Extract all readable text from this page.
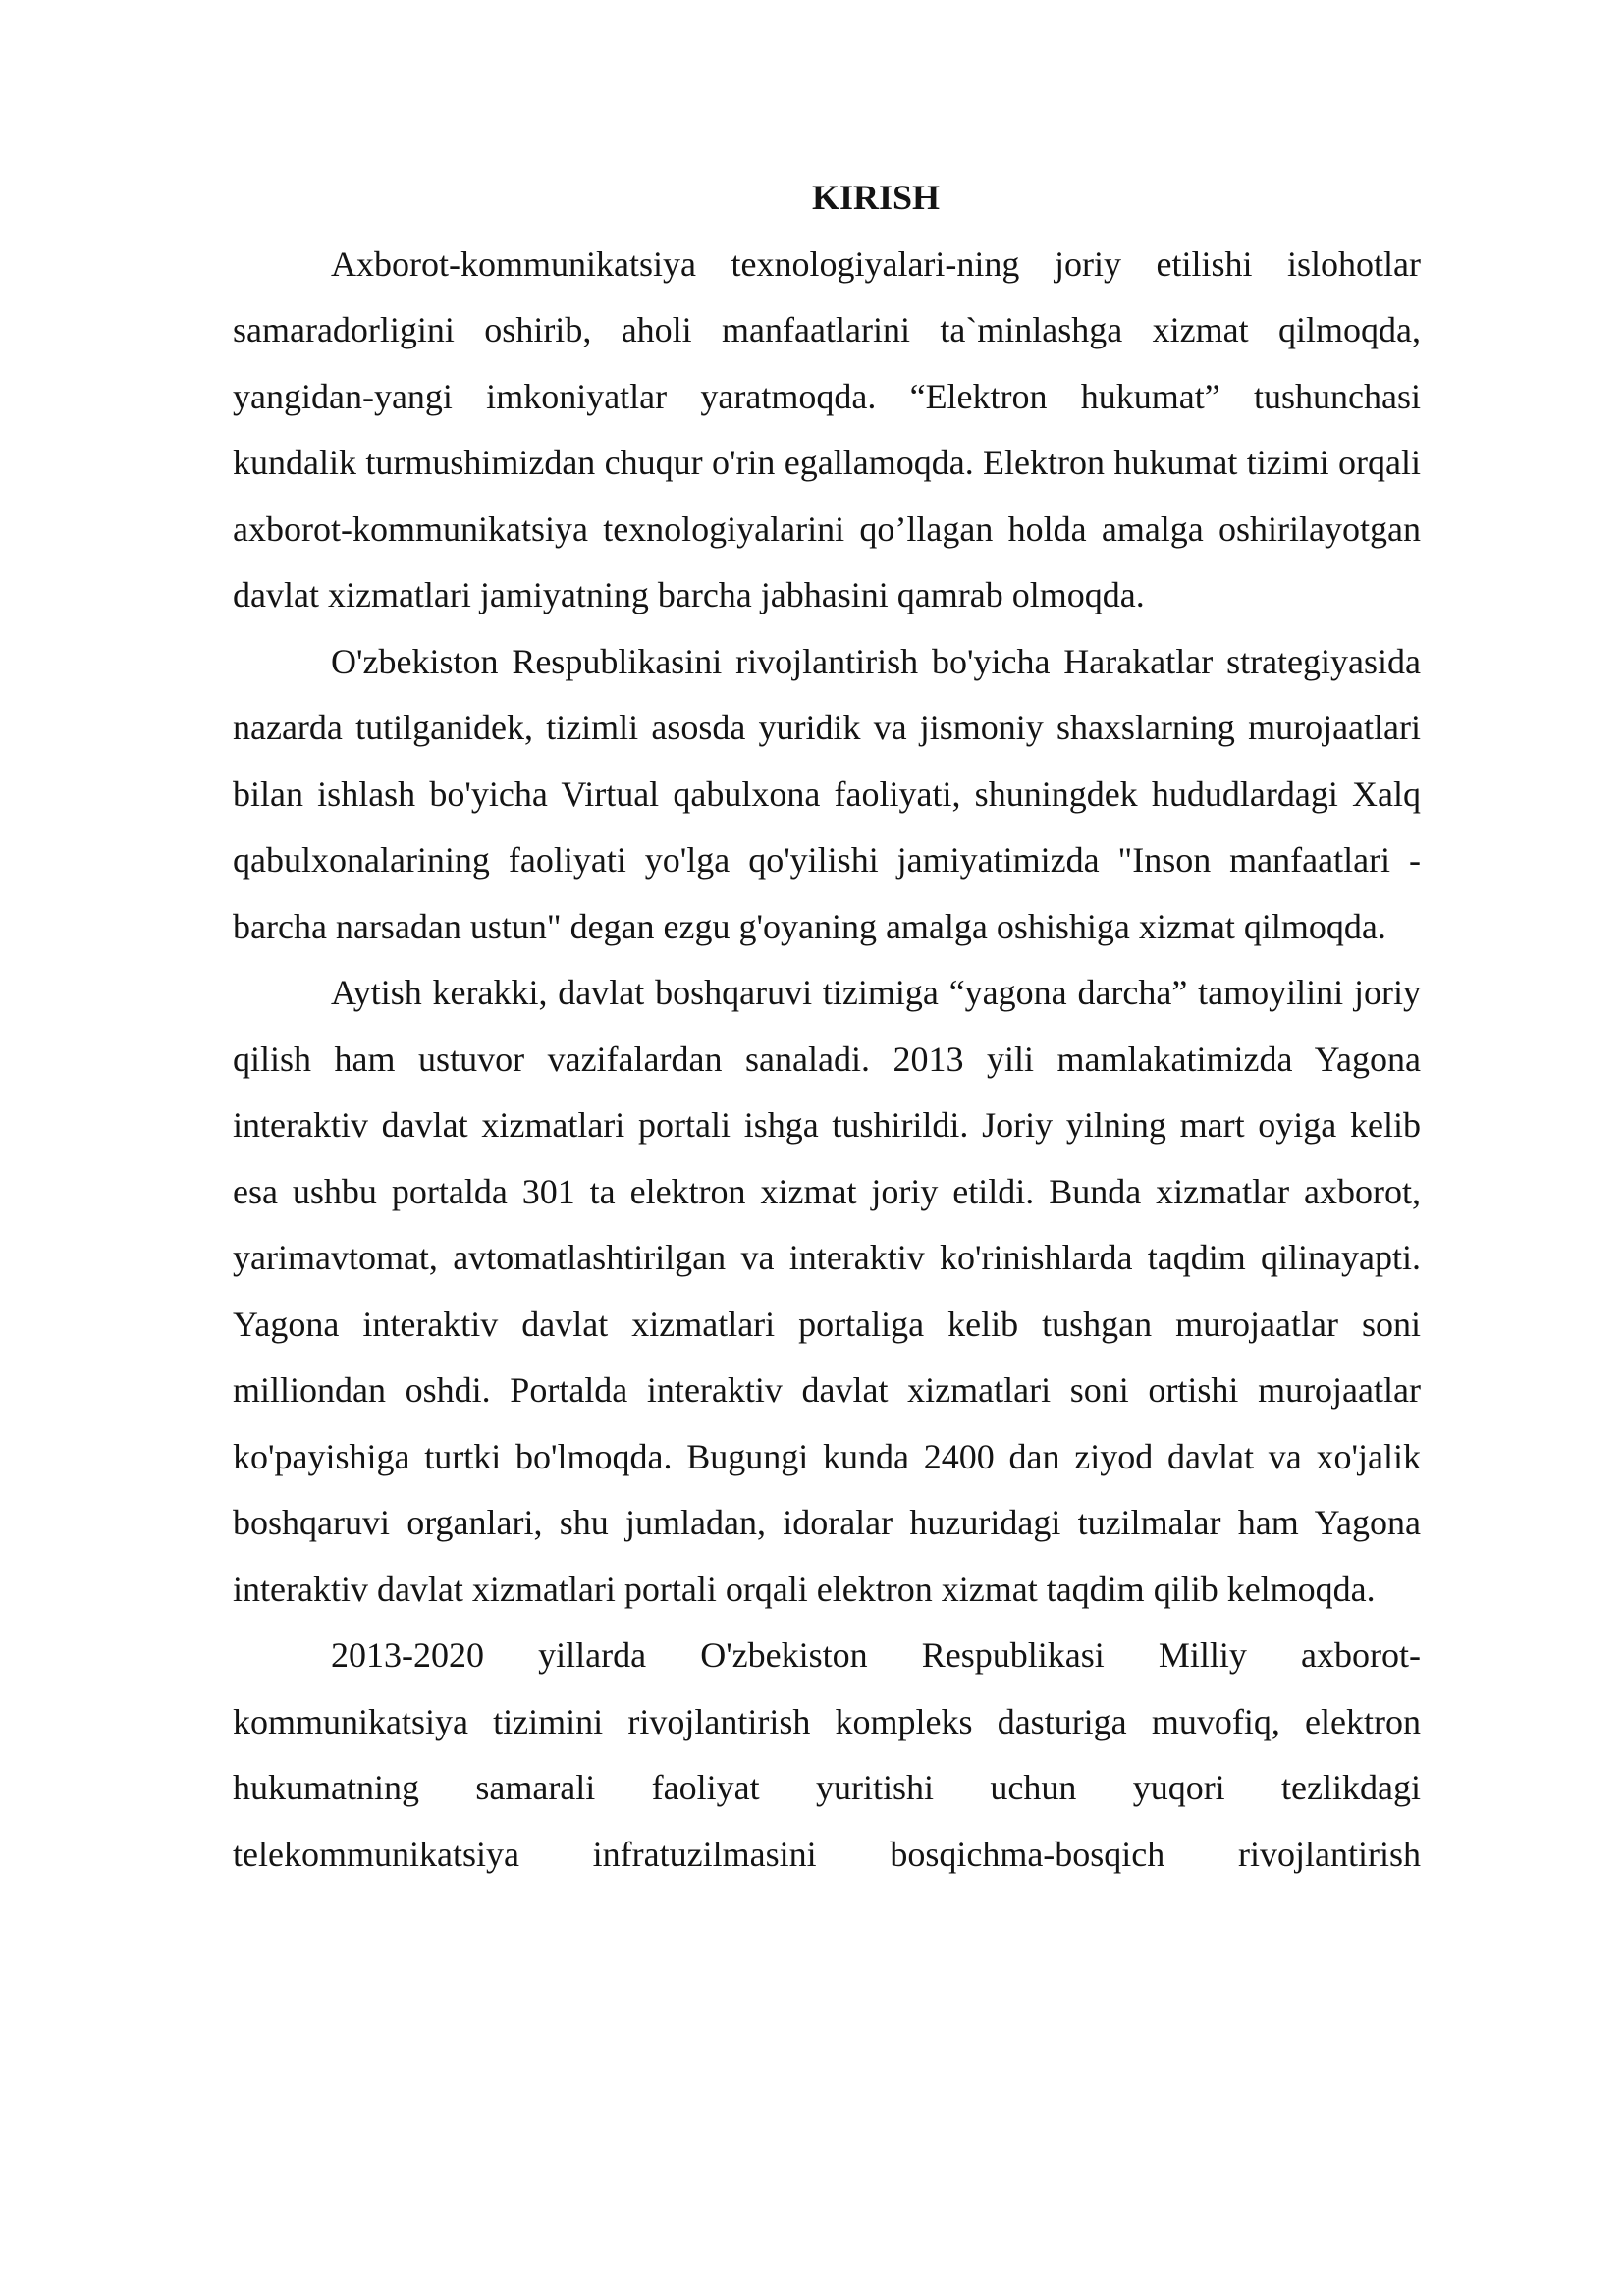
KIRISH

Axborot-kommunikatsiya texnologiyalari-ning joriy etilishi islohotlar samaradorligini oshirib, aholi manfaatlarini ta`minlashga xizmat qilmoqda, yangidan-yangi imkoniyatlar yaratmoqda. “Elektron hukumat” tushunchasi kundalik turmushimizdan chuqur o'rin egallamoqda. Elektron hukumat tizimi orqali axborot-kommunikatsiya texnologiyalarini qo’llagan holda amalga oshirilayotgan davlat xizmatlari jamiyatning barcha jabhasini qamrab olmoqda.

O'zbekiston Respublikasini rivojlantirish bo'yicha Harakatlar strategiyasida nazarda tutilganidek, tizimli asosda yuridik va jismoniy shaxslarning murojaatlari bilan ishlash bo'yicha Virtual qabulxona faoliyati, shuningdek hududlardagi Xalq qabulxonalarining faoliyati yo'lga qo'yilishi jamiyatimizda "Inson manfaatlari - barcha narsadan ustun" degan ezgu g'oyaning amalga oshishiga xizmat qilmoqda.

Aytish kerakki, davlat boshqaruvi tizimiga “yagona darcha” tamoyilini joriy qilish ham ustuvor vazifalardan sanaladi. 2013 yili mamlakatimizda Yagona interaktiv davlat xizmatlari portali ishga tushirildi. Joriy yilning mart oyiga kelib esa ushbu portalda 301 ta elektron xizmat joriy etildi. Bunda xizmatlar axborot, yarimavtomat, avtomatlashtirilgan va interaktiv ko'rinishlarda taqdim qilinayapti. Yagona interaktiv davlat xizmatlari portaliga kelib tushgan murojaatlar soni milliondan oshdi. Portalda interaktiv davlat xizmatlari soni ortishi murojaatlar ko'payishiga turtki bo'lmoqda. Bugungi kunda 2400 dan ziyod davlat va xo'jalik boshqaruvi organlari, shu jumladan, idoralar huzuridagi tuzilmalar ham Yagona interaktiv davlat xizmatlari portali orqali elektron xizmat taqdim qilib kelmoqda.

2013-2020 yillarda O'zbekiston Respublikasi Milliy axborot-kommunikatsiya tizimini rivojlantirish kompleks dasturiga muvofiq, elektron hukumatning samarali faoliyat yuritishi uchun yuqori tezlikdagi telekommunikatsiya infratuzilmasini bosqichma-bosqich rivojlantirish
